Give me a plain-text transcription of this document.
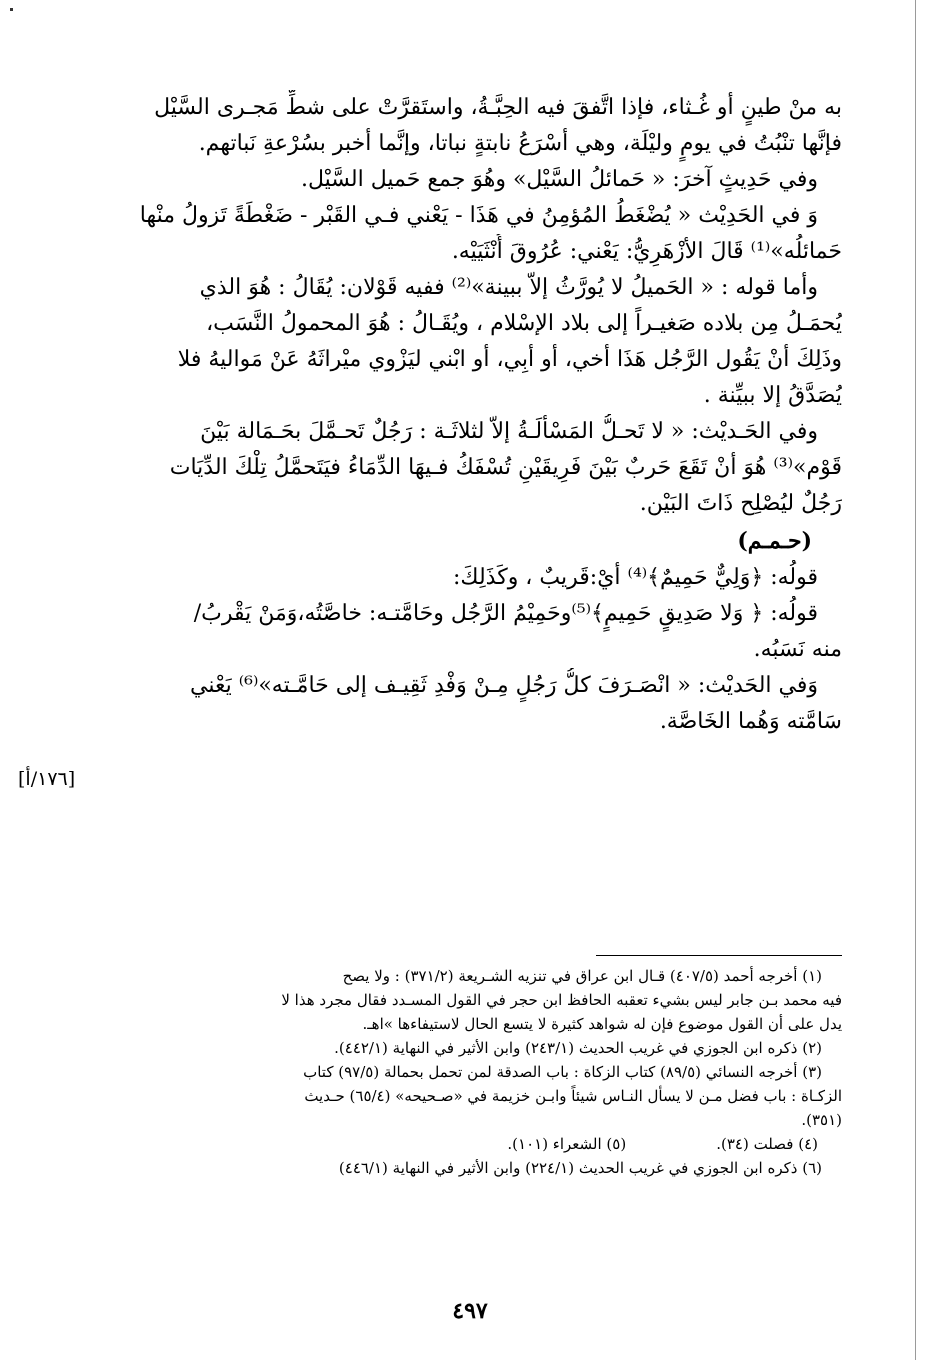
به منْ طينٍ أو غُـثاء، فإذا اتَّفقَ فيه الحِبَّـةُ، واستَقرَّتْ على شطِّ مَجـرى السَّيْل
فإنَّها تنْبُتُ في يومٍ وليْلَة، وهي أسْرَعُ نابتةٍ نباتا، وإنَّما أخبر بسُرْعةِ نَباتهم.
وفي حَدِيثٍ آخرَ: « حَمائلُ السَّيْل» وهُوَ جمع حَميل السَّيْل.
وَ في الحَدِيْث « يُضْغَطُ المُؤمِنُ في هَذَا - يَعْني فـي القَبْر - ضَغْطَةً تَزولُ منْها
حَمائلُه»⁽¹⁾ قَالَ الأزْهَرِيُّ: يَعْني: عُرُوقَ أُنْثَيَيْه.
وأما قوله : « الحَميلُ لا يُورَّثُ إلاّ ببينة»⁽²⁾ ففيه قَوْلان: يُقَالُ : هُوَ الذي
يُحمَـلُ مِن بلاده صَغيـراً إلى بلاد الإسْلام ، ويُقَـالُ : هُوَ المحمولُ النَّسَب،
وذَلِكَ أنْ يَقُول الرَّجُل هَذَا أخي، أو أبِي، أو ابْني ليَزْوي ميْراثَهُ عَنْ مَواليهُ فلا
يُصَدَّقُ إلا ببيِّنة .
وفي الحَـديْث: « لا تَحـلُّ المَسْألَـةُ إلاّ لثلاثَـة : رَجُلٌ تَحـمَّلَ بحَـمَالة بَيْنَ
قَوْم»⁽³⁾ هُوَ أنْ تَقَعَ حَربٌ بَيْنَ فَرِيقَيْنِ تُسْفَكُ فـيهَا الدِّمَاءُ فيَتَحمَّلُ تِلْكَ الدِّيَات
رَجُلٌ ليُصْلِح ذَاتَ البَيْن.
(حـمـم)
قولُه: ﴿وَلِيٌّ حَمِيمٌ﴾⁽⁴⁾ أيْ:قَريبٌ ، وكَذَلِكَ:
قولُه: ﴿ وَلا صَدِيقٍ حَمِيمٍ﴾⁽⁵⁾وحَمِيْمُ الرَّجُل وحَامَّتـه: خاصَّتُه،وَمَنْ يَقْربُ/
منه نَسَبُه.
وَفي الحَديْث: « انْصَـرَفَ كلُّ رَجُلٍ مِـنْ وَفْدِ ثَقِيـف إلى حَامَّـته»⁽⁶⁾ يَعْني
سَامَّته وَهُما الخَاصَّة.
[١٧٦/أ]
(١) أخرجه أحمد (٤٠٧/٥) قـال ابن عراق في تنزيه الشـريعة (٣٧١/٢) : ولا يصح
فيه محمد بـن جابر ليس بشيء تعقبه الحافظ ابن حجر في القول المسـدد فقال مجرد هذا لا
يدل على أن القول موضوع فإن له شواهد كثيرة لا يتسع الحال لاستيفاءها »اهـ.
(٢) ذكره ابن الجوزي في غريب الحديث (٢٤٣/١) وابن الأثير في النهاية (٤٤٢/١).
(٣) أخرجه النسائي (٨٩/٥) كتاب الزكاة : باب الصدقة لمن تحمل بحمالة (٩٧/٥) كتاب
الزكـاة : باب فضل مـن لا يسأل النـاس شيئاً وابـن خزيمة في «صـحيحه» (٦٥/٤) حـديث
(٣٥١).
(٤) فصلت (٣٤).
(٥) الشعراء (١٠١).
(٦) ذكره ابن الجوزي في غريب الحديث (٢٢٤/١) وابن الأثير في النهاية (٤٤٦/١)
٤٩٧
